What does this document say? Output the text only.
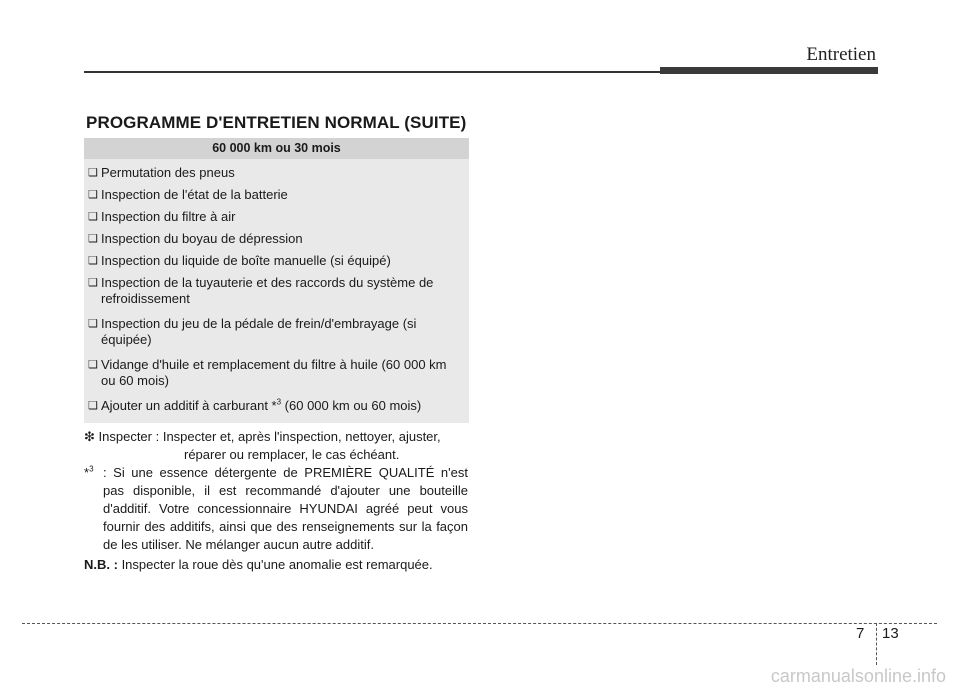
Entretien
PROGRAMME D'ENTRETIEN NORMAL (SUITE)
60 000 km ou 30 mois
❑ Permutation des pneus
❑ Inspection de l'état de la batterie
❑ Inspection du filtre à air
❑ Inspection du boyau de dépression
❑ Inspection du liquide de boîte manuelle (si équipé)
❑ Inspection de la tuyauterie et des raccords du système de refroidissement
❑ Inspection du jeu de la pédale de frein/d'embrayage (si équipée)
❑ Vidange d'huile et remplacement du filtre à huile (60 000 km ou 60 mois)
❑ Ajouter un additif à carburant *$^3$ (60 000 km ou 60 mois)
❇ Inspecter : Inspecter et, après l'inspection, nettoyer, ajuster,
réparer ou remplacer, le cas échéant.
*$^3$ : Si une essence détergente de PREMIÈRE QUALITÉ n'est pas disponible, il est recommandé d'ajouter une bouteille d'additif. Votre concessionnaire HYUNDAI agréé peut vous fournir des additifs, ainsi que des renseignements sur la façon de les utiliser. Ne mélanger aucun autre additif.
N.B. : Inspecter la roue dès qu'une anomalie est remarquée.
7 13
carmanualsonline.info
